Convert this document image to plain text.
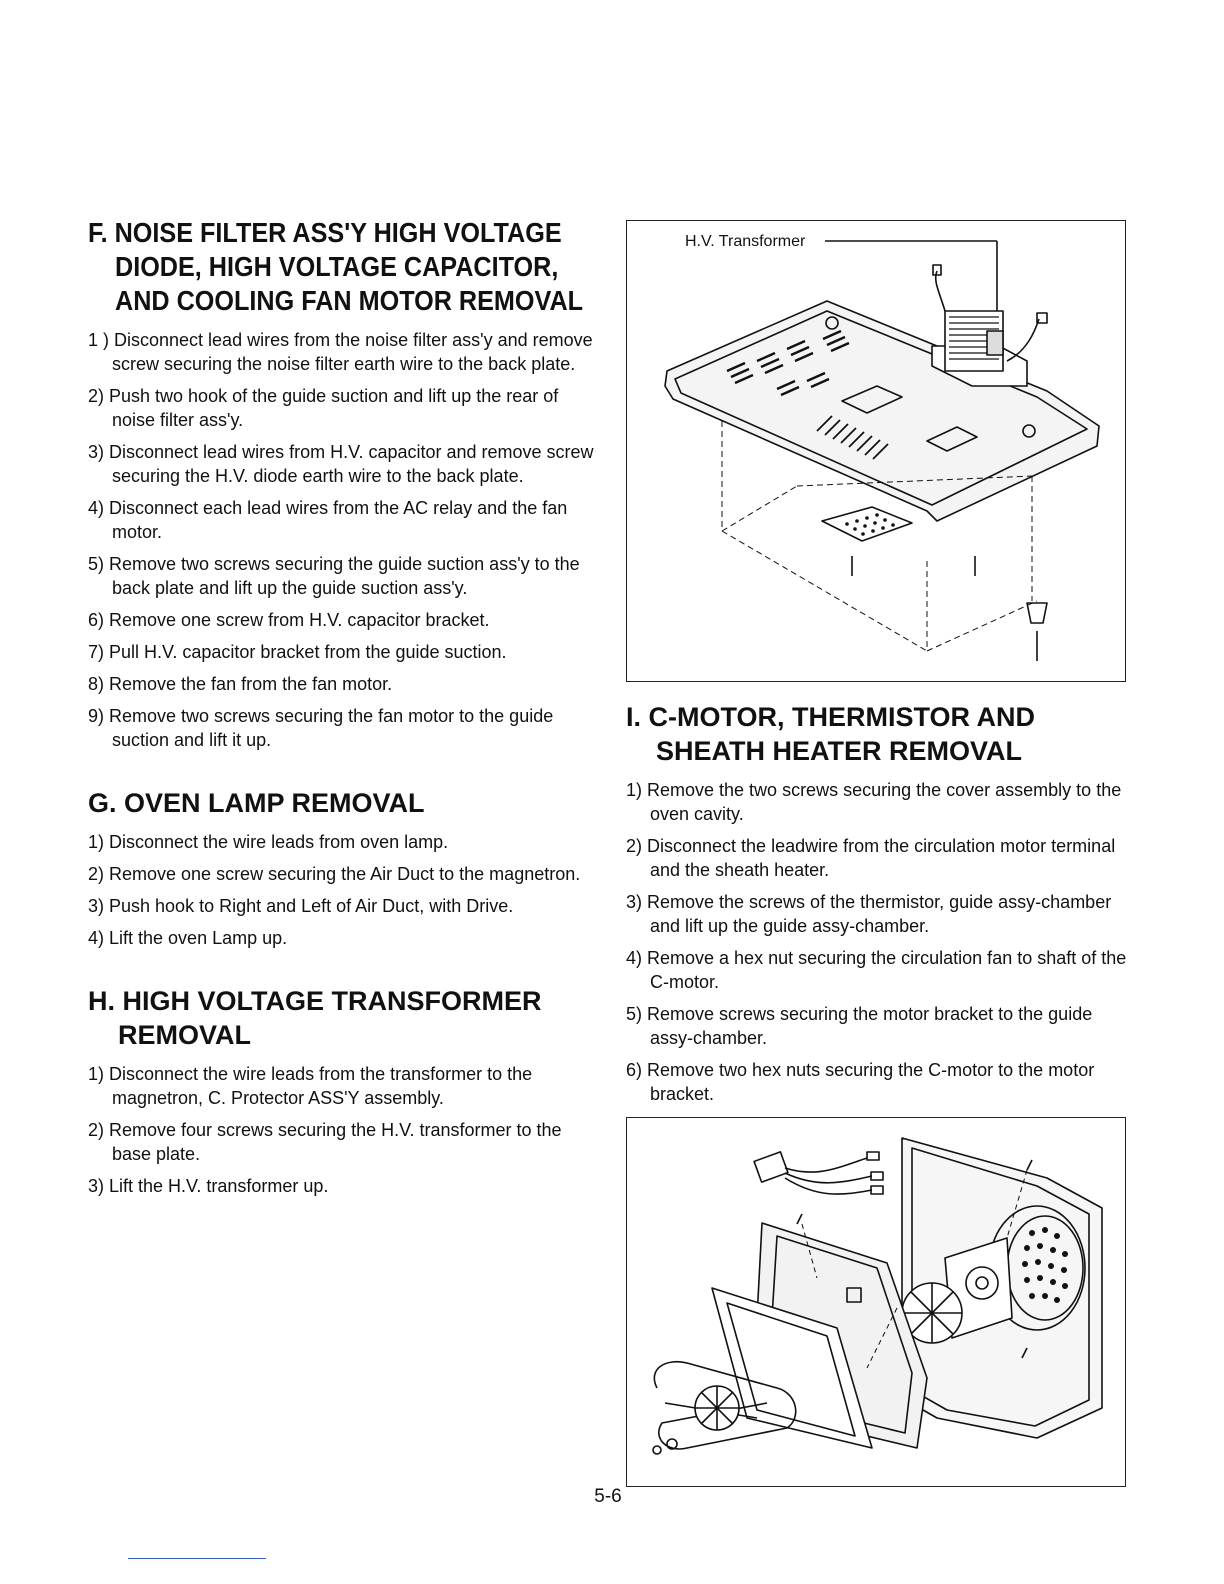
F. NOISE FILTER ASS'Y HIGH VOLTAGE
DIODE, HIGH VOLTAGE CAPACITOR,
AND COOLING FAN MOTOR REMOVAL
1 ) Disconnect lead wires from the noise filter ass'y and remove screw securing the noise filter earth wire to the back plate.
2) Push two hook of the guide suction and lift up the rear of noise filter ass'y.
3) Disconnect lead wires from H.V. capacitor and remove screw securing the H.V. diode earth wire to the back plate.
4) Disconnect each lead wires from the AC relay and the fan motor.
5) Remove two screws securing the guide suction ass'y to the back plate and lift up the guide suction ass'y.
6) Remove one screw from H.V. capacitor bracket.
7) Pull H.V. capacitor bracket from the guide suction.
8) Remove the fan from the fan motor.
9) Remove two screws securing the fan motor to the guide suction and lift it up.
G. OVEN LAMP REMOVAL
1) Disconnect the wire leads from oven lamp.
2) Remove one screw securing the Air Duct to the magnetron.
3) Push hook to Right and Left of Air Duct, with Drive.
4) Lift the oven Lamp up.
H. HIGH VOLTAGE TRANSFORMER
REMOVAL
1) Disconnect the wire leads from the transformer to the magnetron, C. Protector ASS'Y assembly.
2) Remove four screws securing the H.V. transformer to the base plate.
3) Lift the H.V. transformer up.
H.V. Transformer
I. C-MOTOR, THERMISTOR AND
SHEATH HEATER REMOVAL
1) Remove the two screws securing the cover assembly to the oven cavity.
2) Disconnect the leadwire from the circulation motor terminal and the sheath heater.
3) Remove the screws of the thermistor, guide assy-chamber and lift up the guide assy-chamber.
4) Remove a hex nut securing the circulation fan to shaft of the C-motor.
5) Remove screws securing the motor bracket to the guide assy-chamber.
6) Remove two hex nuts securing the C-motor to the motor bracket.
5-6
